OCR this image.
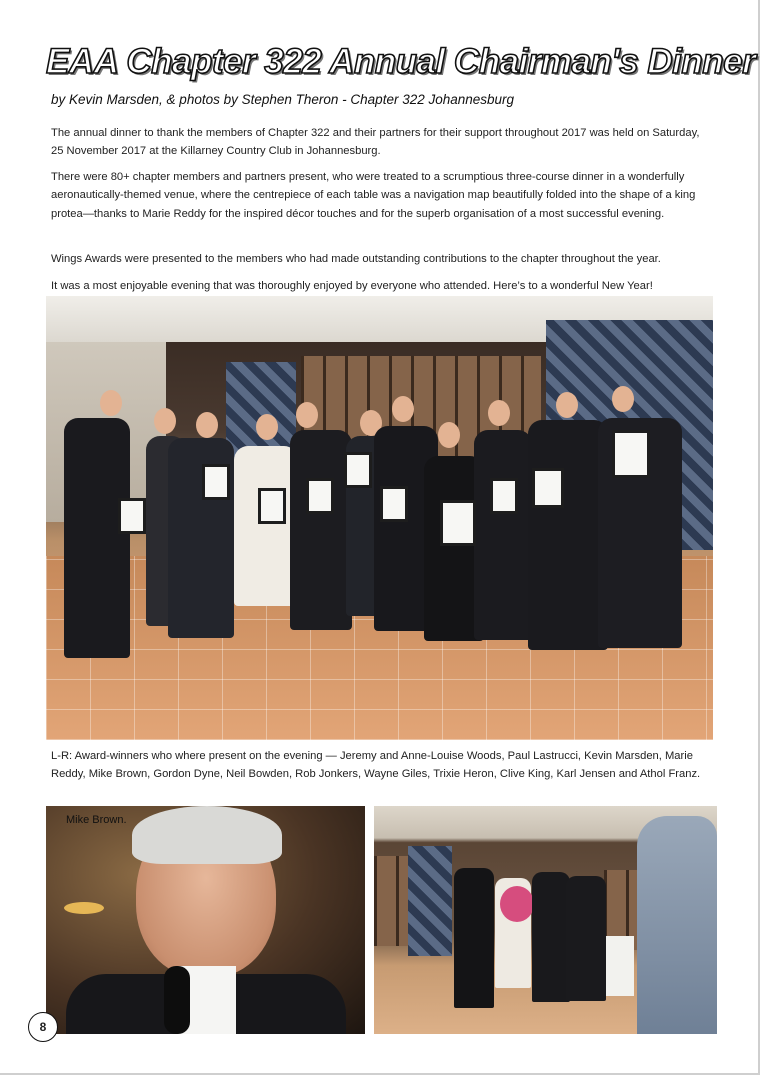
EAA Chapter 322 Annual Chairman's Dinner
by Kevin Marsden, & photos by Stephen Theron - Chapter 322 Johannesburg
The annual dinner to thank the members of Chapter 322 and their partners for their support throughout 2017 was held on Saturday, 25 November 2017 at the Killarney Country Club in Johannesburg.
There were 80+ chapter members and partners present, who were treated to a scrumptious three-course dinner in a wonderfully aeronautically-themed venue, where the centrepiece of each table was a navigation map beautifully folded into the shape of a king protea—thanks to Marie Reddy for the inspired décor touches and for the superb organisation of a most successful evening.
Wings Awards were presented to the members who had made outstanding contributions to the chapter throughout the year.
It was a most enjoyable evening that was thoroughly enjoyed by everyone who attended. Here’s to a wonderful New Year!
L-R: Award-winners who where present on the evening — Jeremy and Anne-Louise Woods, Paul Lastrucci, Kevin Marsden, Marie Reddy, Mike Brown, Gordon Dyne, Neil Bowden, Rob Jonkers, Wayne Giles, Trixie Heron, Clive King, Karl Jensen and Athol Franz.
Mike Brown.
8
